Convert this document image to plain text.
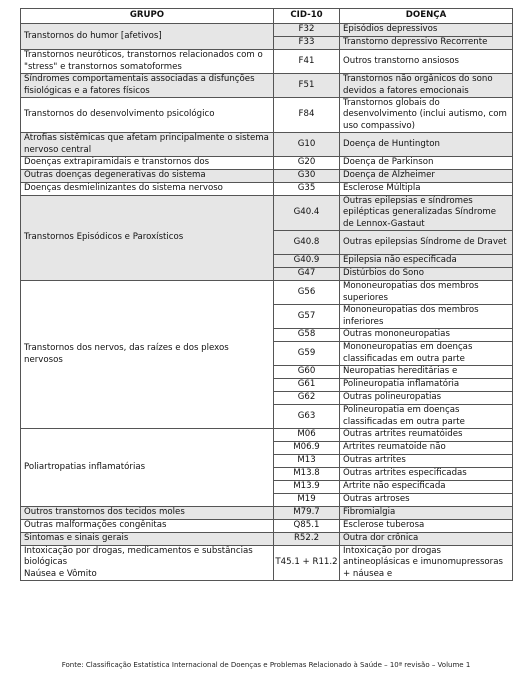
GRUPO	CID-10	DOENÇA
Transtornos do humor [afetivos]	F32	Episódios depressivos
	F33	Transtorno depressivo Recorrente
Transtornos neuróticos, transtornos relacionados com o "stress" e transtornos somatoformes	F41	Outros transtorno ansiosos
Síndromes comportamentais associadas a disfunções fisiológicas e a fatores físicos	F51	Transtornos não orgânicos do sono devidos a fatores emocionais
Transtornos do desenvolvimento psicológico	F84	Transtornos globais do desenvolvimento (inclui autismo, com uso compassivo)
Atrofias sistêmicas que afetam principalmente o sistema nervoso central	G10	Doença de Huntington
Doenças extrapiramidais e transtornos dos	G20	Doença de Parkinson
Outras doenças degenerativas do sistema	G30	Doença de Alzheimer
Doenças desmielinizantes do sistema nervoso	G35	Esclerose Múltipla
Transtornos Episódicos e Paroxísticos	G40.4	Outras epilepsias e síndromes epilépticas generalizadas Síndrome de Lennox-Gastaut
	G40.8	Outras epilepsias Síndrome de Dravet
	G40.9	Epilepsia não especificada
	G47	Distúrbios do Sono
Transtornos dos nervos, das raízes e dos plexos nervosos	G56	Mononeuropatias dos membros superiores
	G57	Mononeuropatias dos membros inferiores
	G58	Outras mononeuropatias
	G59	Mononeuropatias em doenças classificadas em outra parte
	G60	Neuropatias hereditárias e
	G61	Polineuropatia inflamatória
	G62	Outras polineuropatias
	G63	Polineuropatia em doenças classificadas em outra parte
Poliartropatias inflamatórias	M06	Outras artrites reumatóides
	M06.9	Artrites reumatoide não
	M13	Outras artrites
	M13.8	Outras artrites especificadas
	M13.9	Artrite não especificada
	M19	Outras artroses
Outros transtornos dos tecidos moles	M79.7	Fibromialgia
Outras malformações congênitas	Q85.1	Esclerose tuberosa
Sintomas e sinais gerais	R52.2	Outra dor crônica
Intoxicação por drogas, medicamentos e substâncias biológicas
Naúsea e Vômito	T45.1 + R11.2	Intoxicação por drogas antineoplásicas e imunomupressoras + náusea e
Fonte: Classificação Estatística Internacional de Doenças e Problemas Relacionado à Saúde – 10ª revisão – Volume 1
